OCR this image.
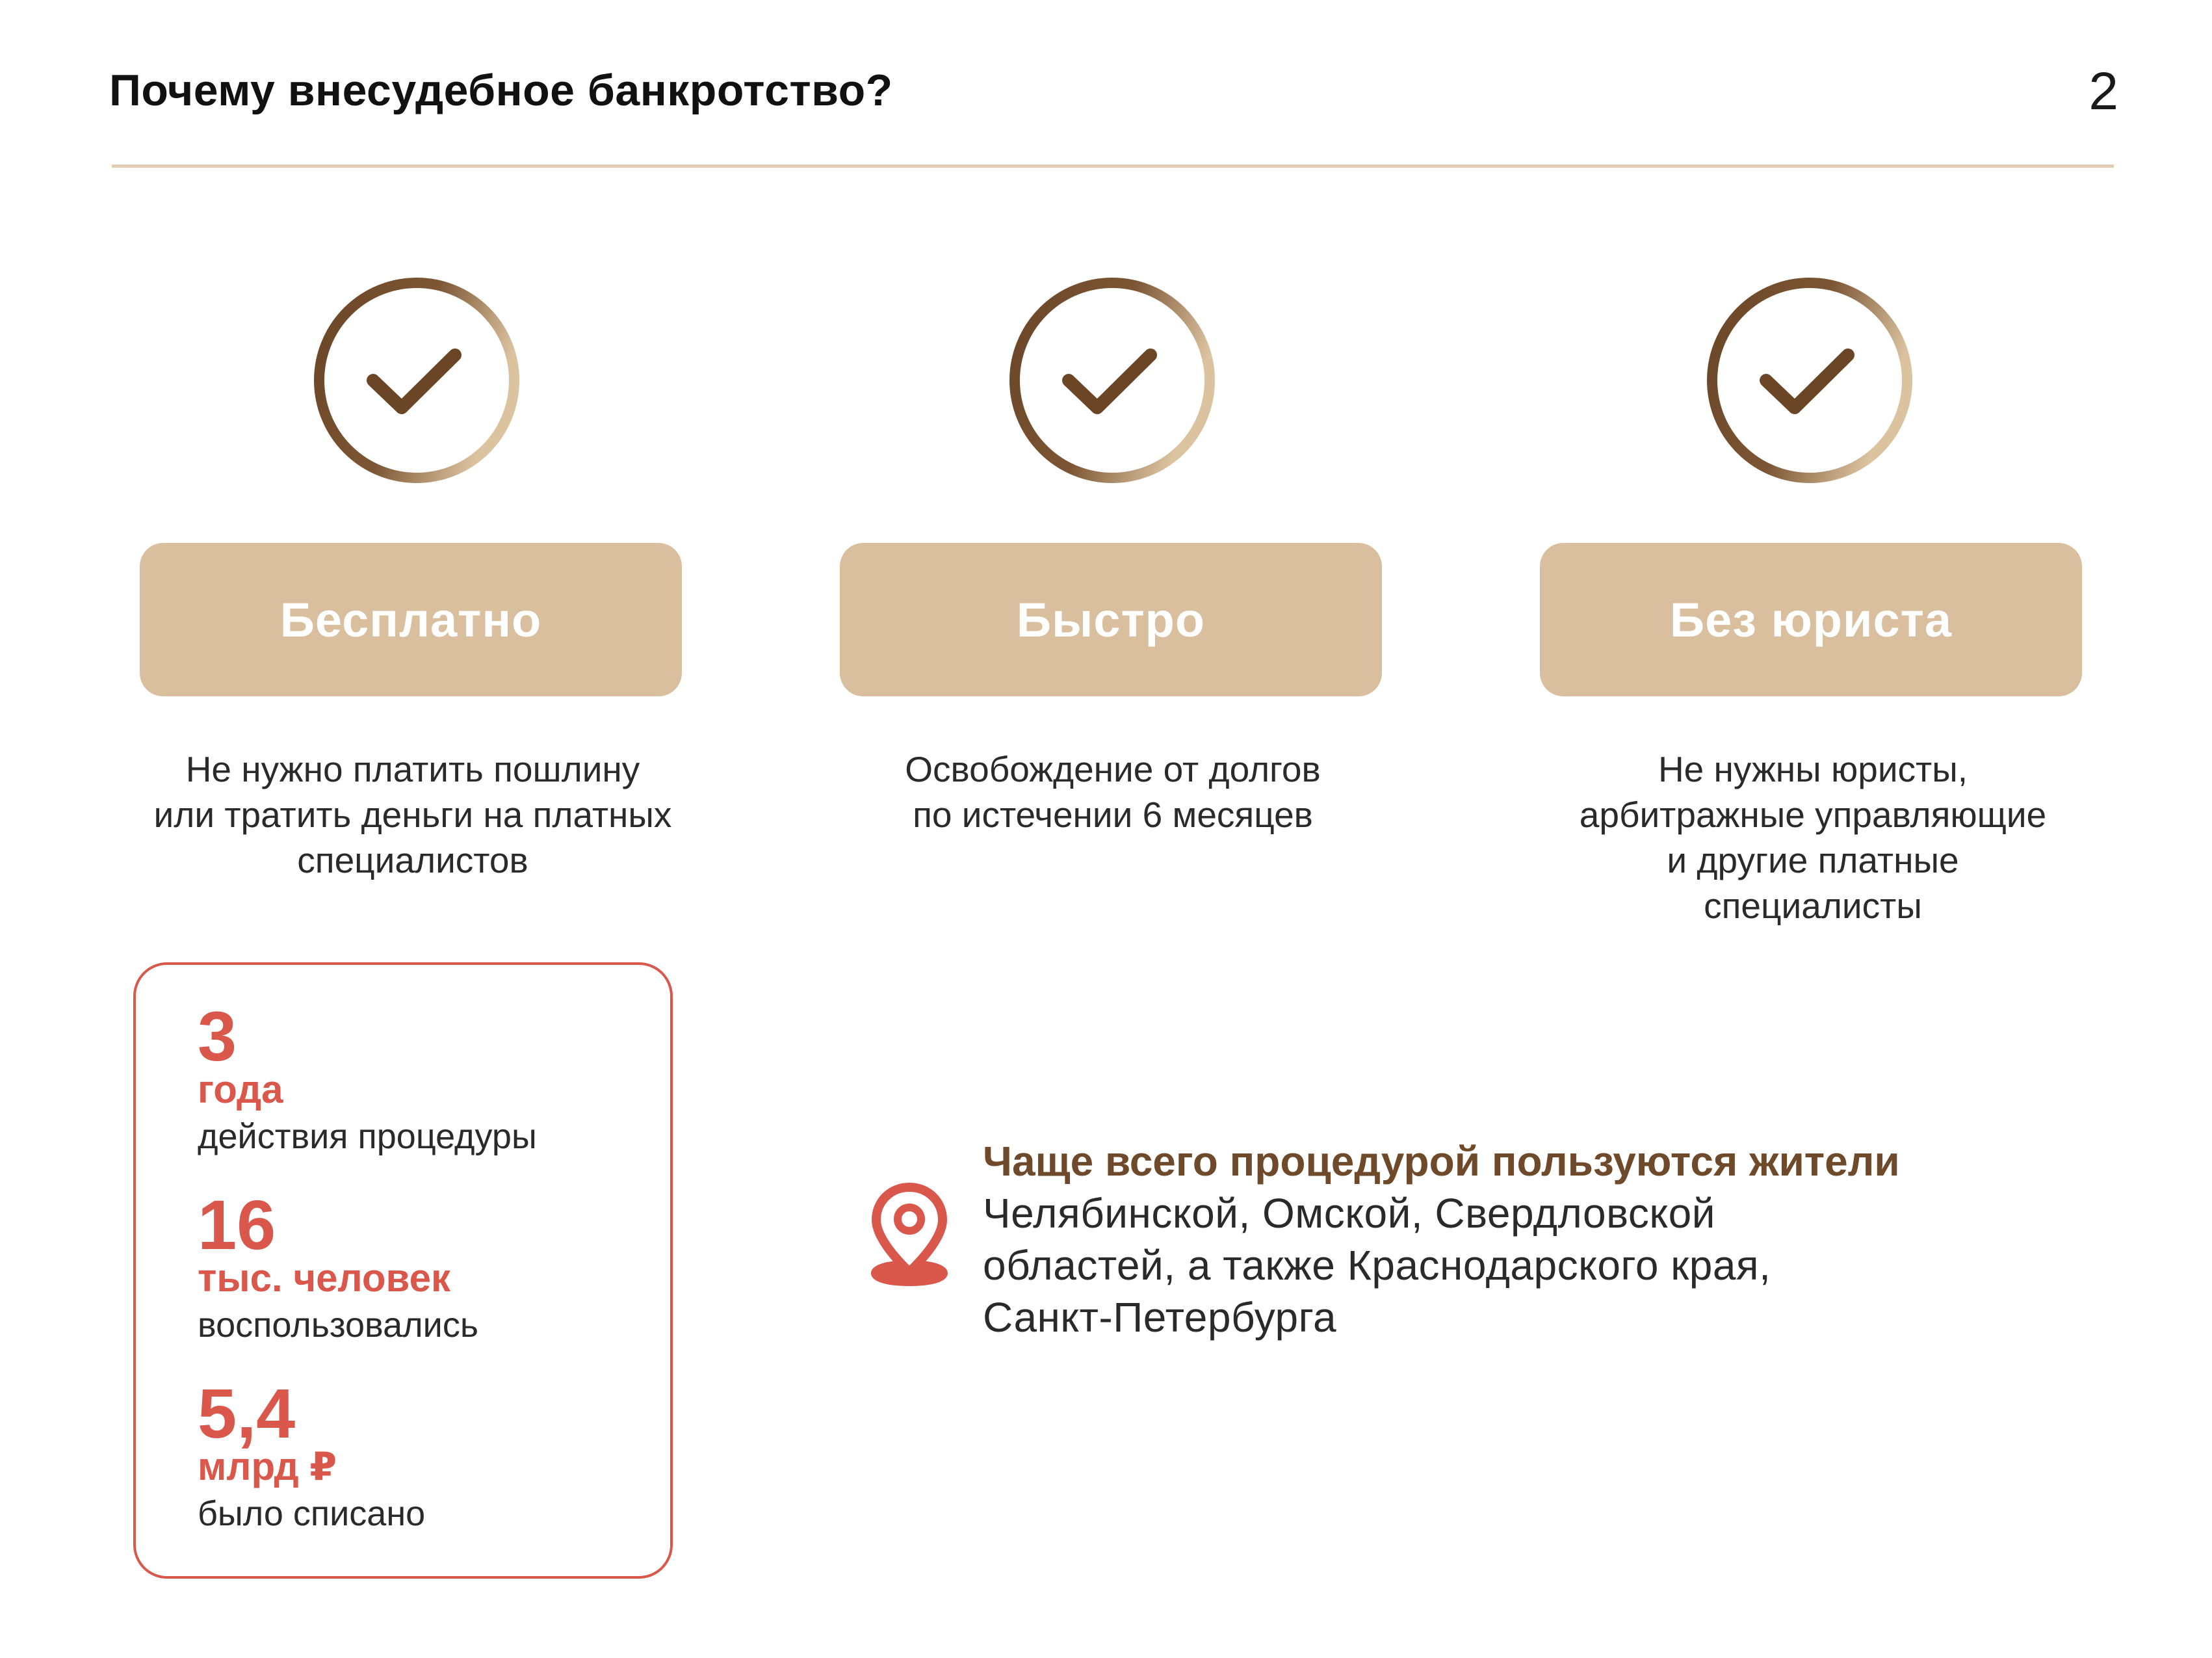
Почему внесудебное банкротство?	2
Бесплатно
Не нужно платить пошлину
или тратить деньги на платных
специалистов
Быстро
Освобождение от долгов
по истечении 6 месяцев
Без юриста
Не нужны юристы,
арбитражные управляющие
и другие платные
специалисты
3
года
действия процедуры
16
тыс. человек
воспользовались
5,4
млрд ₽
было списано
Чаще всего процедурой пользуются жители
Челябинской, Омской, Свердловской
областей, а также Краснодарского края,
Санкт-Петербурга
